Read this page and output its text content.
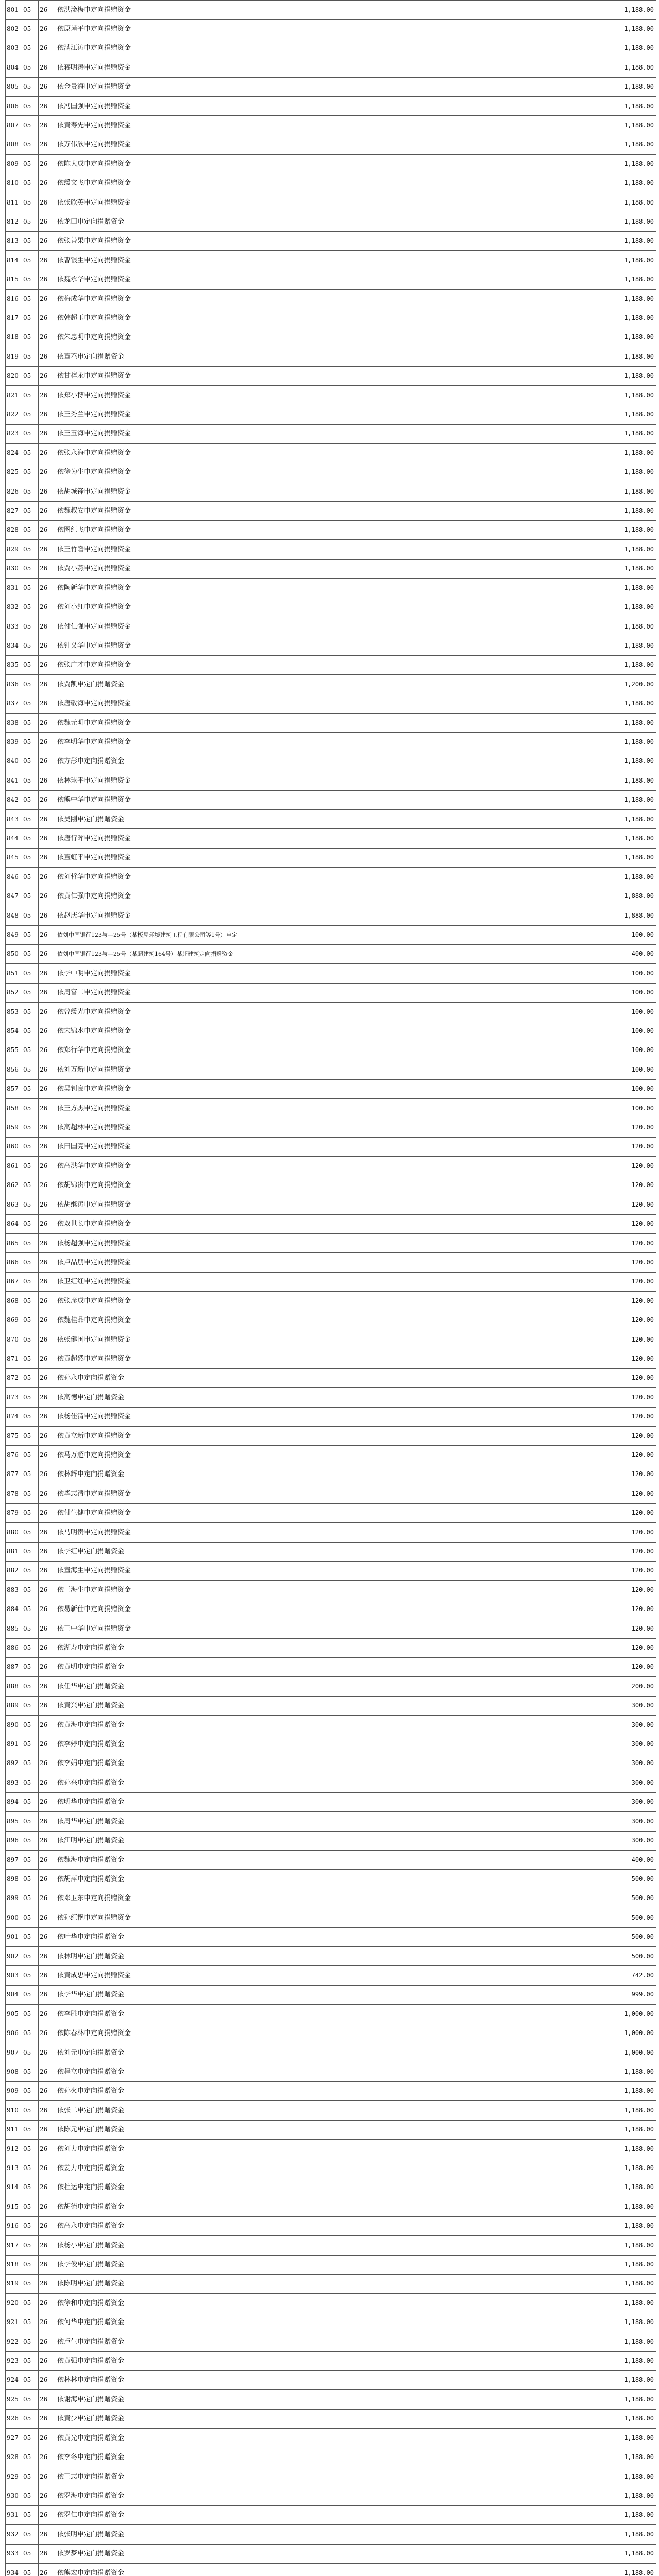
801	05	26	依洪淦梅申定向捐赠资金	1,188.00
802	05	26	依原瑾平申定向捐赠资金	1,188.00
803	05	26	依满江涛申定向捐赠资金	1,188.00
804	05	26	依蒋明涛申定向捐赠资金	1,188.00
805	05	26	依金贵海申定向捐赠资金	1,188.00
806	05	26	依冯国强申定向捐赠资金	1,188.00
807	05	26	依黄寿先申定向捐赠资金	1,188.00
808	05	26	依万伟欣申定向捐赠资金	1,188.00
809	05	26	依陈大成申定向捐赠资金	1,188.00
810	05	26	依缓文飞申定向捐赠资金	1,188.00
811	05	26	依张欣英申定向捐赠资金	1,188.00
812	05	26	依龙田申定向捐赠资金	1,188.00
813	05	26	依张善果申定向捐赠资金	1,188.00
814	05	26	依曹银生申定向捐赠资金	1,188.00
815	05	26	依魏永华申定向捐赠资金	1,188.00
816	05	26	依梅成华申定向捐赠资金	1,188.00
817	05	26	依韩超玉申定向捐赠资金	1,188.00
818	05	26	依朱忠明申定向捐赠资金	1,188.00
819	05	26	依董丕申定向捐赠资金	1,188.00
820	05	26	依甘梓永申定向捐赠资金	1,188.00
821	05	26	依郑小博申定向捐赠资金	1,188.00
822	05	26	依王秀兰申定向捐赠资金	1,188.00
823	05	26	依王玉海申定向捐赠资金	1,188.00
824	05	26	依张永海申定向捐赠资金	1,188.00
825	05	26	依徐为生申定向捐赠资金	1,188.00
826	05	26	依胡城锋申定向捐赠资金	1,188.00
827	05	26	依魏叔安申定向捐赠资金	1,188.00
828	05	26	依图红飞申定向捐赠资金	1,188.00
829	05	26	依王竹瞻申定向捐赠资金	1,188.00
830	05	26	依贾小燕申定向捐赠资金	1,188.00
831	05	26	依陶新华申定向捐赠资金	1,188.00
832	05	26	依刘小红申定向捐赠资金	1,188.00
833	05	26	依付仁强申定向捐赠资金	1,188.00
834	05	26	依钟义华申定向捐赠资金	1,188.00
835	05	26	依张广才申定向捐赠资金	1,188.00
836	05	26	依贾凯申定向捐赠资金	1,200.00
837	05	26	依唐敬海申定向捐赠资金	1,188.00
838	05	26	依魏元明申定向捐赠资金	1,188.00
839	05	26	依李明华申定向捐赠资金	1,188.00
840	05	26	依方彤申定向捐赠资金	1,188.00
841	05	26	依林球平申定向捐赠资金	1,188.00
842	05	26	依熊中华申定向捐赠资金	1,188.00
843	05	26	依吴刚申定向捐赠资金	1,188.00
844	05	26	依唐行晖申定向捐赠资金	1,188.00
845	05	26	依董虹平申定向捐赠资金	1,188.00
846	05	26	依刘哲华申定向捐赠资金	1,188.00
847	05	26	依黄仁强申定向捐赠资金	1,888.00
848	05	26	依赵庆华申定向捐赠资金	1,888.00
849	05	26	依刘中国银行123与—25号（某板屋环境建筑工程有限公司等1号）申定	100.00
850	05	26	依刘中国银行123与—25号（某超建筑164号）某超建筑定向捐赠资金	400.00
851	05	26	依李中明申定向捐赠资金	100.00
852	05	26	依周富二申定向捐赠资金	100.00
853	05	26	依曾缓光申定向捐赠资金	100.00
854	05	26	依宋锦水申定向捐赠资金	100.00
855	05	26	依郑行华申定向捐赠资金	100.00
856	05	26	依刘万新申定向捐赠资金	100.00
857	05	26	依吴钊良申定向捐赠资金	100.00
858	05	26	依王方杰申定向捐赠资金	100.00
859	05	26	依高超林申定向捐赠资金	120.00
860	05	26	依田国亮申定向捐赠资金	120.00
861	05	26	依高洪华申定向捐赠资金	120.00
862	05	26	依胡锦贵申定向捐赠资金	120.00
863	05	26	依胡继涛申定向捐赠资金	120.00
864	05	26	依双世长申定向捐赠资金	120.00
865	05	26	依杨超强申定向捐赠资金	120.00
866	05	26	依卢品朋申定向捐赠资金	120.00
867	05	26	依卫红红申定向捐赠资金	120.00
868	05	26	依张彦成申定向捐赠资金	120.00
869	05	26	依魏桂品申定向捐赠资金	120.00
870	05	26	依张健国申定向捐赠资金	120.00
871	05	26	依黄超然申定向捐赠资金	120.00
872	05	26	依孙永申定向捐赠资金	120.00
873	05	26	依高德申定向捐赠资金	120.00
874	05	26	依杨佳清申定向捐赠资金	120.00
875	05	26	依黄立新申定向捐赠资金	120.00
876	05	26	依马万超申定向捐赠资金	120.00
877	05	26	依林辉申定向捐赠资金	120.00
878	05	26	依毕志清申定向捐赠资金	120.00
879	05	26	依付生健申定向捐赠资金	120.00
880	05	26	依马明贵申定向捐赠资金	120.00
881	05	26	依李红申定向捐赠资金	120.00
882	05	26	依童海生申定向捐赠资金	120.00
883	05	26	依王海生申定向捐赠资金	120.00
884	05	26	依易新仕申定向捐赠资金	120.00
885	05	26	依王中华申定向捐赠资金	120.00
886	05	26	依湖寿申定向捐赠资金	120.00
887	05	26	依黄明申定向捐赠资金	120.00
888	05	26	依任华申定向捐赠资金	200.00
889	05	26	依黄兴申定向捐赠资金	300.00
890	05	26	依黄海申定向捐赠资金	300.00
891	05	26	依李婷申定向捐赠资金	300.00
892	05	26	依李娟申定向捐赠资金	300.00
893	05	26	依孙兴申定向捐赠资金	300.00
894	05	26	依明华申定向捐赠资金	300.00
895	05	26	依周华申定向捐赠资金	300.00
896	05	26	依江明申定向捐赠资金	300.00
897	05	26	依魏海申定向捐赠资金	400.00
898	05	26	依胡萍申定向捐赠资金	500.00
899	05	26	依邓卫东申定向捐赠资金	500.00
900	05	26	依孙红艳申定向捐赠资金	500.00
901	05	26	依叶华申定向捐赠资金	500.00
902	05	26	依林明申定向捐赠资金	500.00
903	05	26	依黄成忠申定向捐赠资金	742.00
904	05	26	依李华申定向捐赠资金	999.00
905	05	26	依李胜申定向捐赠资金	1,000.00
906	05	26	依陈春林申定向捐赠资金	1,000.00
907	05	26	依刘元申定向捐赠资金	1,000.00
908	05	26	依程立申定向捐赠资金	1,188.00
909	05	26	依孙火申定向捐赠资金	1,188.00
910	05	26	依张二申定向捐赠资金	1,188.00
911	05	26	依陈元申定向捐赠资金	1,188.00
912	05	26	依刘力申定向捐赠资金	1,188.00
913	05	26	依姜力申定向捐赠资金	1,188.00
914	05	26	依杜运申定向捐赠资金	1,188.00
915	05	26	依胡德申定向捐赠资金	1,188.00
916	05	26	依高永申定向捐赠资金	1,188.00
917	05	26	依杨小申定向捐赠资金	1,188.00
918	05	26	依李俊申定向捐赠资金	1,188.00
919	05	26	依陈明申定向捐赠资金	1,188.00
920	05	26	依徐和申定向捐赠资金	1,188.00
921	05	26	依何华申定向捐赠资金	1,188.00
922	05	26	依卢生申定向捐赠资金	1,188.00
923	05	26	依黄强申定向捐赠资金	1,188.00
924	05	26	依林林申定向捐赠资金	1,188.00
925	05	26	依谢海申定向捐赠资金	1,188.00
926	05	26	依黄少申定向捐赠资金	1,188.00
927	05	26	依黄光申定向捐赠资金	1,188.00
928	05	26	依李冬申定向捐赠资金	1,188.00
929	05	26	依王志申定向捐赠资金	1,188.00
930	05	26	依罗海申定向捐赠资金	1,188.00
931	05	26	依罗仁申定向捐赠资金	1,188.00
932	05	26	依张明申定向捐赠资金	1,188.00
933	05	26	依罗梦申定向捐赠资金	1,188.00
934	05	26	依熊宏申定向捐赠资金	1,188.00
